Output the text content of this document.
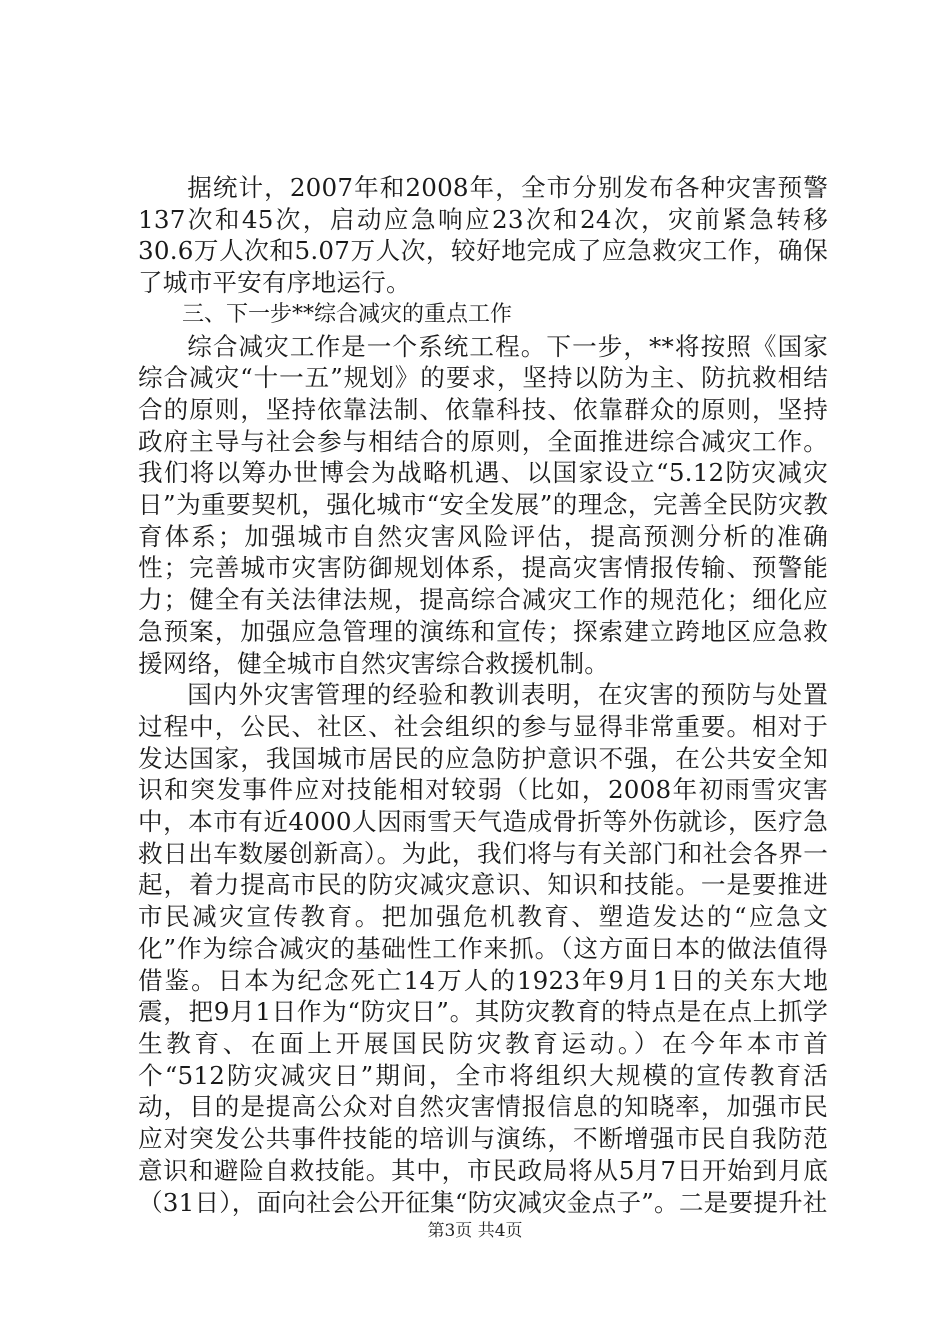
据统计，2007年和2008年，全市分别发布各种灾害预警137次和45次，启动应急响应23次和24次，灾前紧急转移30.6万人次和5.07万人次，较好地完成了应急救灾工作，确保了城市平安有序地运行。

三、下一步**综合减灾的重点工作

综合减灾工作是一个系统工程。下一步，**将按照《国家综合减灾“十一五”规划》的要求，坚持以防为主、防抗救相结合的原则，坚持依靠法制、依靠科技、依靠群众的原则，坚持政府主导与社会参与相结合的原则，全面推进综合减灾工作。我们将以筹办世博会为战略机遇、以国家设立“5.12防灾减灾日”为重要契机，强化城市“安全发展”的理念，完善全民防灾教育体系；加强城市自然灾害风险评估，提高预测分析的准确性；完善城市灾害防御规划体系，提高灾害情报传输、预警能力；健全有关法律法规，提高综合减灾工作的规范化；细化应急预案，加强应急管理的演练和宣传；探索建立跨地区应急救援网络，健全城市自然灾害综合救援机制。

国内外灾害管理的经验和教训表明，在灾害的预防与处置过程中，公民、社区、社会组织的参与显得非常重要。相对于发达国家，我国城市居民的应急防护意识不强，在公共安全知识和突发事件应对技能相对较弱（比如，2008年初雨雪灾害中，本市有近4000人因雨雪天气造成骨折等外伤就诊，医疗急救日出车数屡创新高）。为此，我们将与有关部门和社会各界一起，着力提高市民的防灾减灾意识、知识和技能。一是要推进市民减灾宣传教育。把加强危机教育、塑造发达的“应急文化”作为综合减灾的基础性工作来抓。（这方面日本的做法值得借鉴。日本为纪念死亡14万人的1923年9月1日的关东大地震，把9月1日作为“防灾日”。其防灾教育的特点是在点上抓学生教育、在面上开展国民防灾教育运动。）在今年本市首个“512防灾减灾日”期间，全市将组织大规模的宣传教育活动，目的是提高公众对自然灾害情报信息的知晓率，加强市民应对突发公共事件技能的培训与演练，不断增强市民自我防范意识和避险自救技能。其中，市民政局将从5月7日开始到月底（31日），面向社会公开征集“防灾减灾金点子”。二是要提升社

第3页 共4页
